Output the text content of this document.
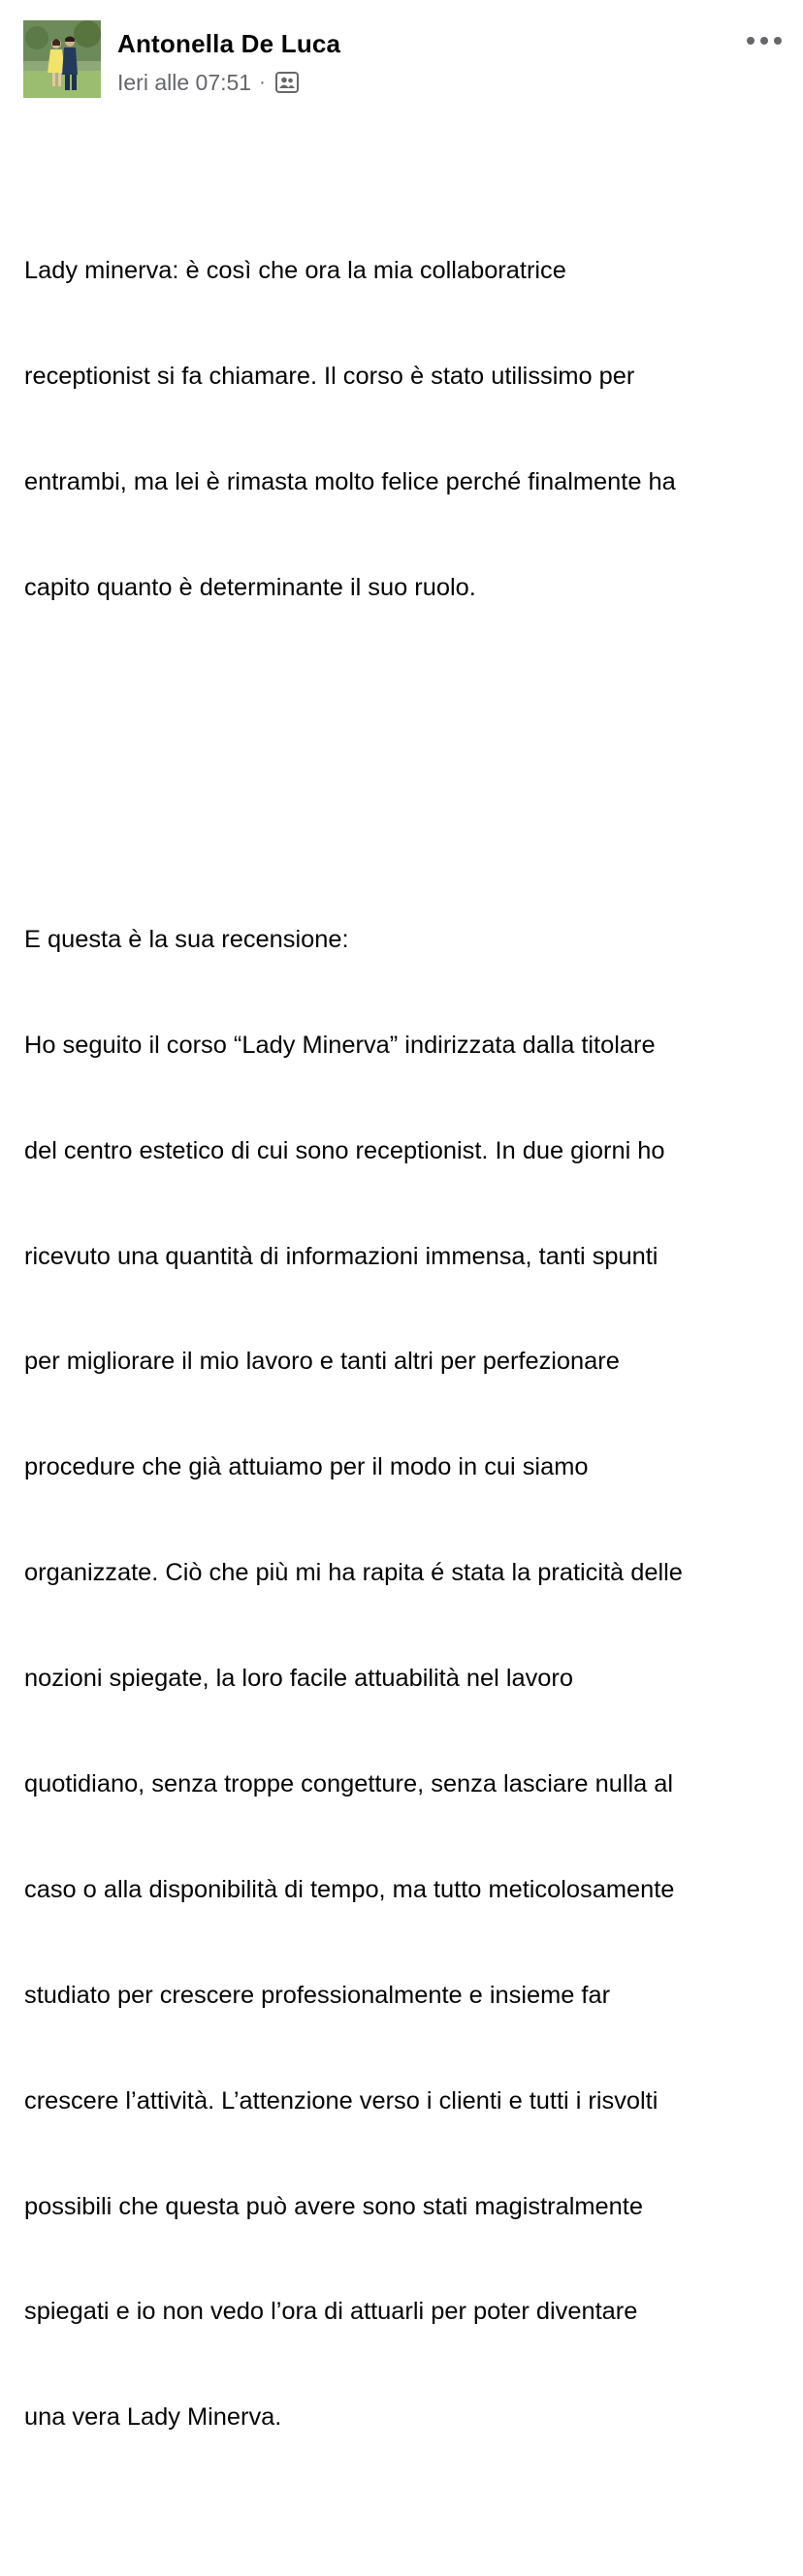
Antonella De Luca
Ieri alle 07:51 ·

Lady minerva: è così che ora la mia collaboratrice

receptionist si fa chiamare. Il corso è stato utilissimo per

entrambi, ma lei è rimasta molto felice perché finalmente ha

capito quanto è determinante il suo ruolo.

E questa è la sua recensione:

Ho seguito il corso “Lady Minerva” indirizzata dalla titolare

del centro estetico di cui sono receptionist. In due giorni ho

ricevuto una quantità di informazioni immensa, tanti spunti

per migliorare il mio lavoro e tanti altri per perfezionare

procedure che già attuiamo per il modo in cui siamo

organizzate. Ciò che più mi ha rapita é stata la praticità delle

nozioni spiegate, la loro facile attuabilità nel lavoro

quotidiano, senza troppe congetture, senza lasciare nulla al

caso o alla disponibilità di tempo, ma tutto meticolosamente

studiato per crescere professionalmente e insieme far

crescere l’attività. L’attenzione verso i clienti e tutti i risvolti

possibili che questa può avere sono stati magistralmente

spiegati e io non vedo l’ora di attuarli per poter diventare

una vera Lady Minerva.
